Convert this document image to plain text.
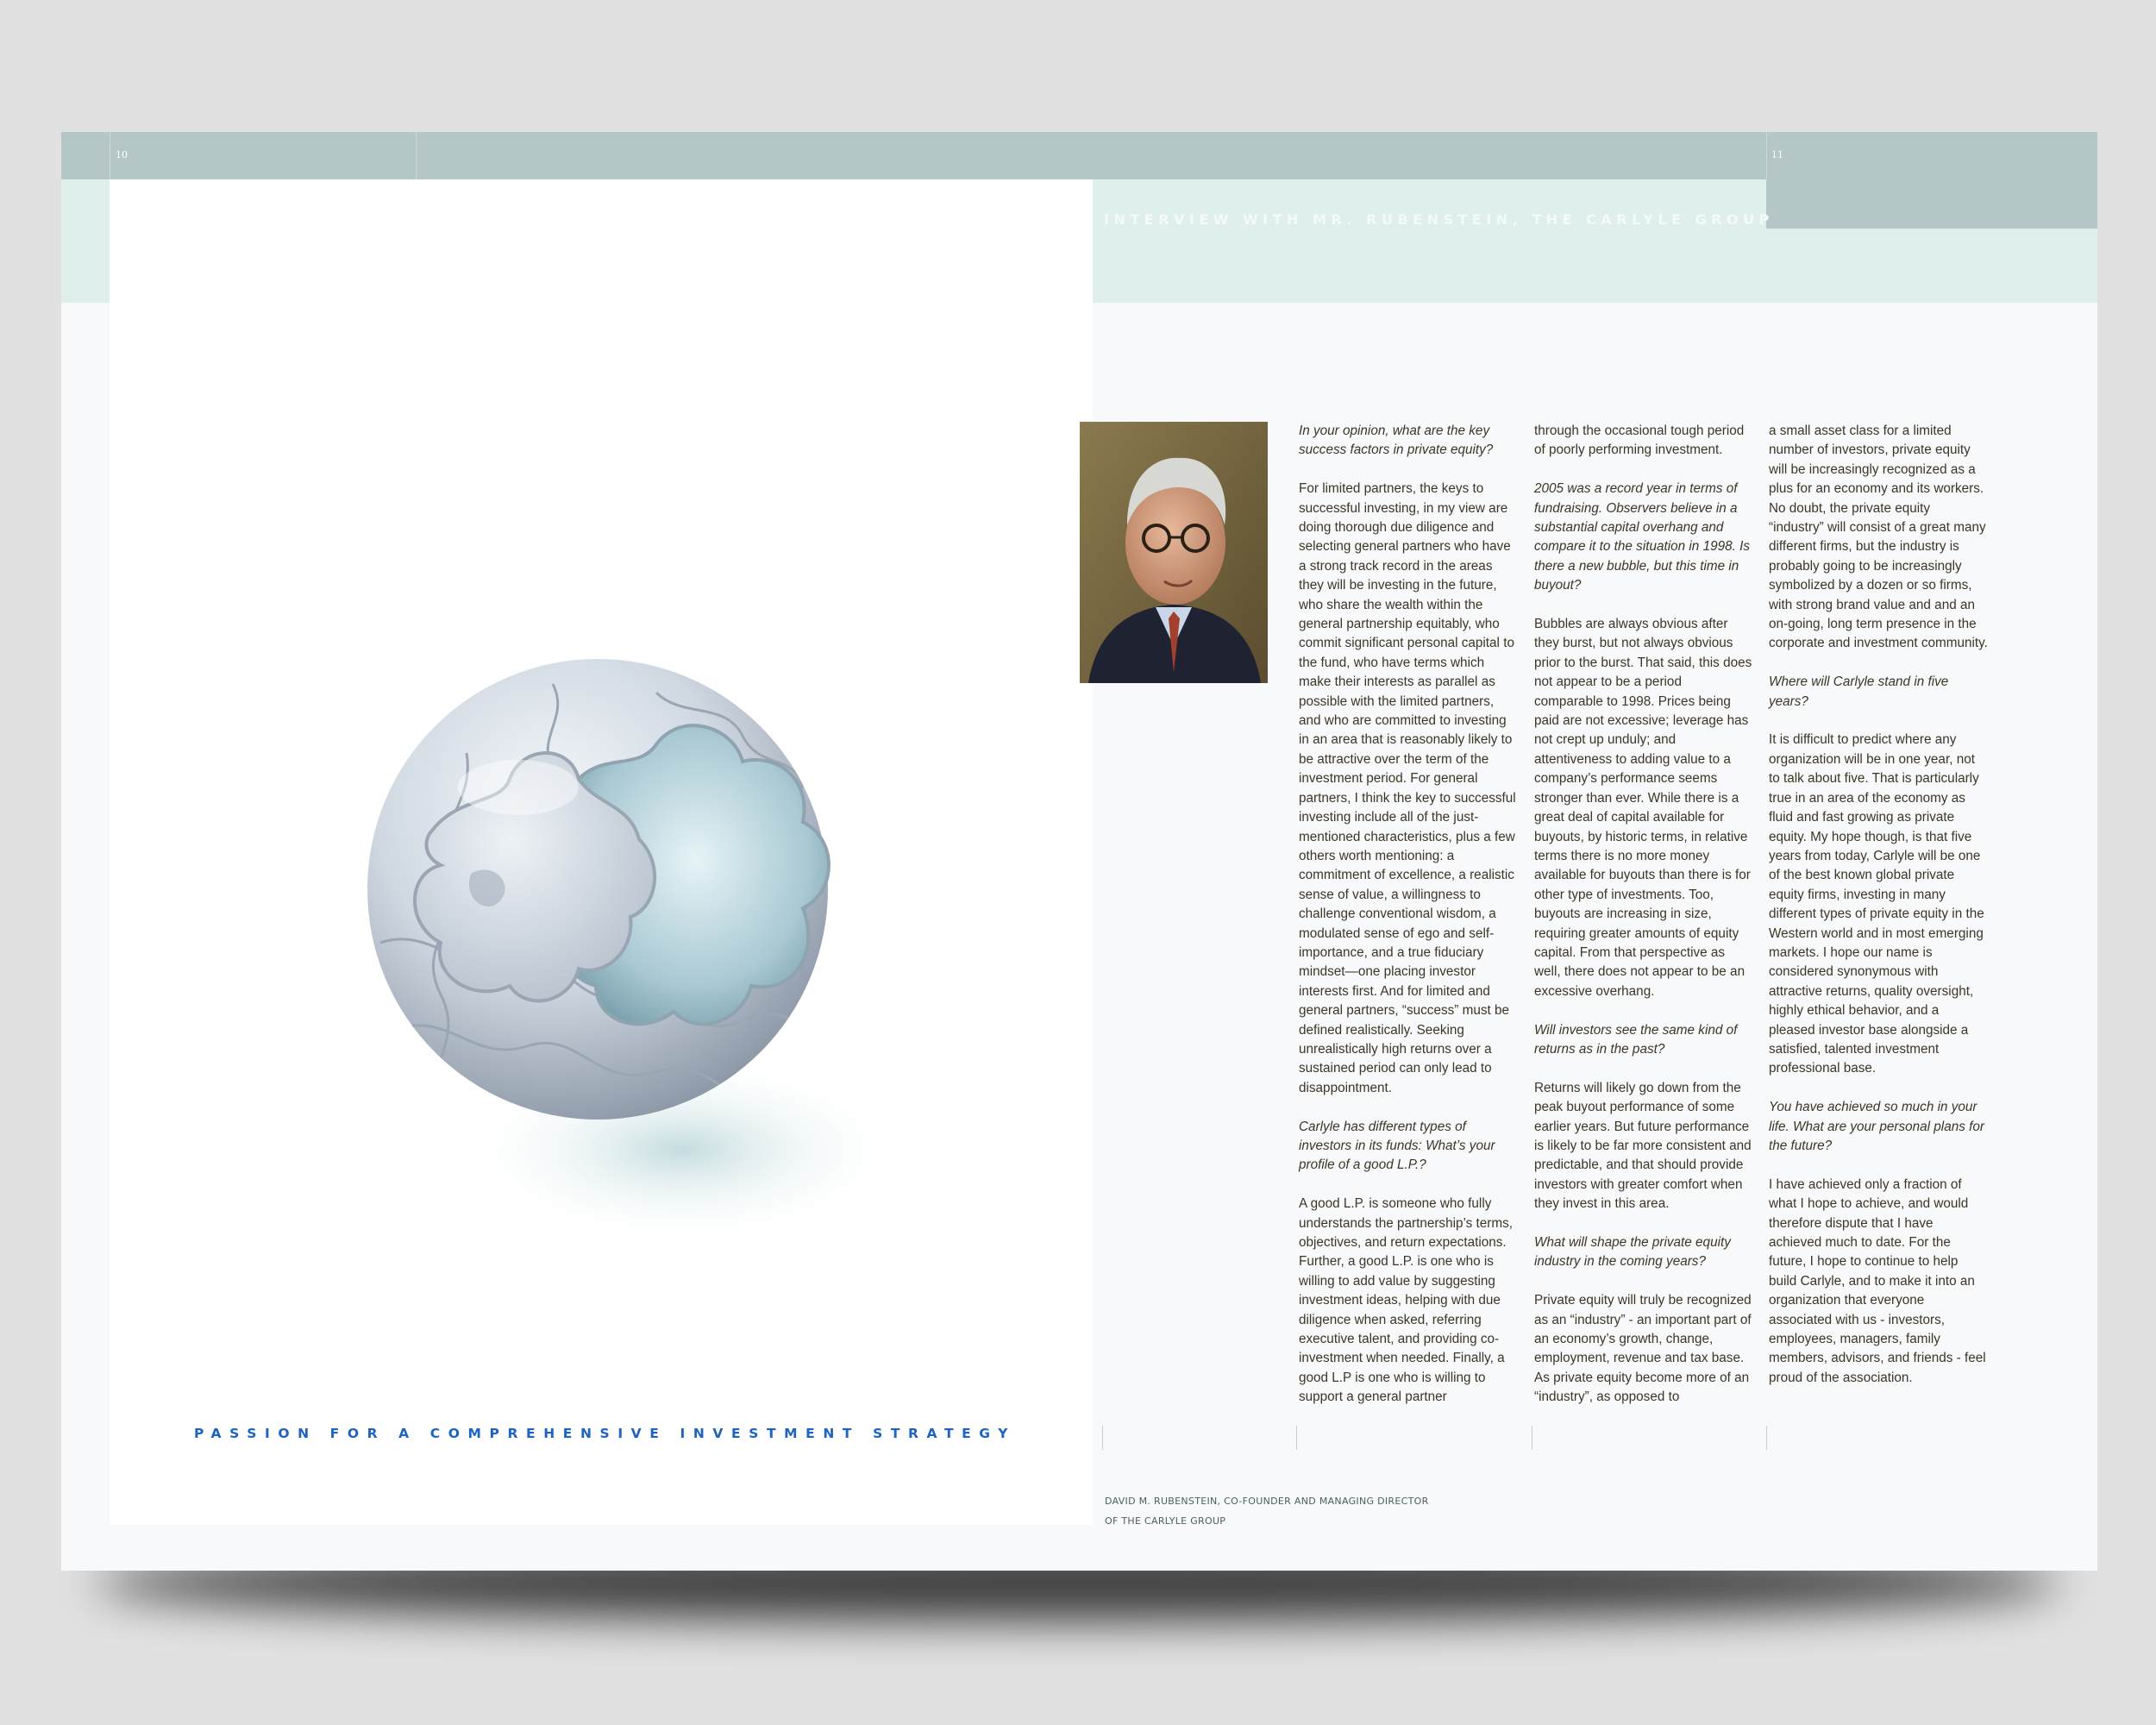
10	11
INTERVIEW WITH MR. RUBENSTEIN, THE CARLYLE GROUP
PASSION FOR A COMPREHENSIVE INVESTMENT STRATEGY

In your opinion, what are the key success factors in private equity?

For limited partners, the keys to successful investing, in my view are doing thorough due diligence and selecting general partners who have a strong track record in the areas they will be investing in the future, who share the wealth within the general partnership equitably, who commit significant personal capital to the fund, who have terms which make their interests as parallel as possible with the limited partners, and who are committed to investing in an area that is reasonably likely to be attractive over the term of the investment period. For general partners, I think the key to successful investing include all of the just-mentioned characteristics, plus a few others worth mentioning: a commitment of excellence, a realistic sense of value, a willingness to challenge conventional wisdom, a modulated sense of ego and self-importance, and a true fiduciary mindset—one placing investor interests first. And for limited and general partners, “success” must be defined realistically. Seeking unrealistically high returns over a sustained period can only lead to disappointment.

Carlyle has different types of investors in its funds: What’s your profile of a good L.P.?

A good L.P. is someone who fully understands the partnership’s terms, objectives, and return expectations. Further, a good L.P. is one who is willing to add value by suggesting investment ideas, helping with due diligence when asked, referring executive talent, and providing co-investment when needed. Finally, a good L.P is one who is willing to support a general partner

through the occasional tough period of poorly performing investment.

2005 was a record year in terms of fundraising. Observers believe in a substantial capital overhang and compare it to the situation in 1998. Is there a new bubble, but this time in buyout?

Bubbles are always obvious after they burst, but not always obvious prior to the burst. That said, this does not appear to be a period comparable to 1998. Prices being paid are not excessive; leverage has not crept up unduly; and attentiveness to adding value to a company’s performance seems stronger than ever. While there is a great deal of capital available for buyouts, by historic terms, in relative terms there is no more money available for buyouts than there is for other type of investments. Too, buyouts are increasing in size, requiring greater amounts of equity capital. From that perspective as well, there does not appear to be an excessive overhang.

Will investors see the same kind of returns as in the past?

Returns will likely go down from the peak buyout performance of some earlier years. But future performance is likely to be far more consistent and predictable, and that should provide investors with greater comfort when they invest in this area.

What will shape the private equity industry in the coming years?

Private equity will truly be recognized as an “industry” - an important part of an economy’s growth, change, employment, revenue and tax base. As private equity become more of an “industry”, as opposed to

a small asset class for a limited number of investors, private equity will be increasingly recognized as a plus for an economy and its workers. No doubt, the private equity “industry” will consist of a great many different firms, but the industry is probably going to be increasingly symbolized by a dozen or so firms, with strong brand value and and an on-going, long term presence in the corporate and investment community.

Where will Carlyle stand in five years?

It is difficult to predict where any organization will be in one year, not to talk about five. That is particularly true in an area of the economy as fluid and fast growing as private equity. My hope though, is that five years from today, Carlyle will be one of the best known global private equity firms, investing in many different types of private equity in the Western world and in most emerging markets. I hope our name is considered synonymous with attractive returns, quality oversight, highly ethical behavior, and a pleased investor base alongside a satisfied, talented investment professional base.

You have achieved so much in your life. What are your personal plans for the future?

I have achieved only a fraction of what I hope to achieve, and would therefore dispute that I have achieved much to date. For the future, I hope to continue to help build Carlyle, and to make it into an organization that everyone associated with us - investors, employees, managers, family members, advisors, and friends - feel proud of the association.

DAVID M. RUBENSTEIN, CO-FOUNDER AND MANAGING DIRECTOR
OF THE CARLYLE GROUP
